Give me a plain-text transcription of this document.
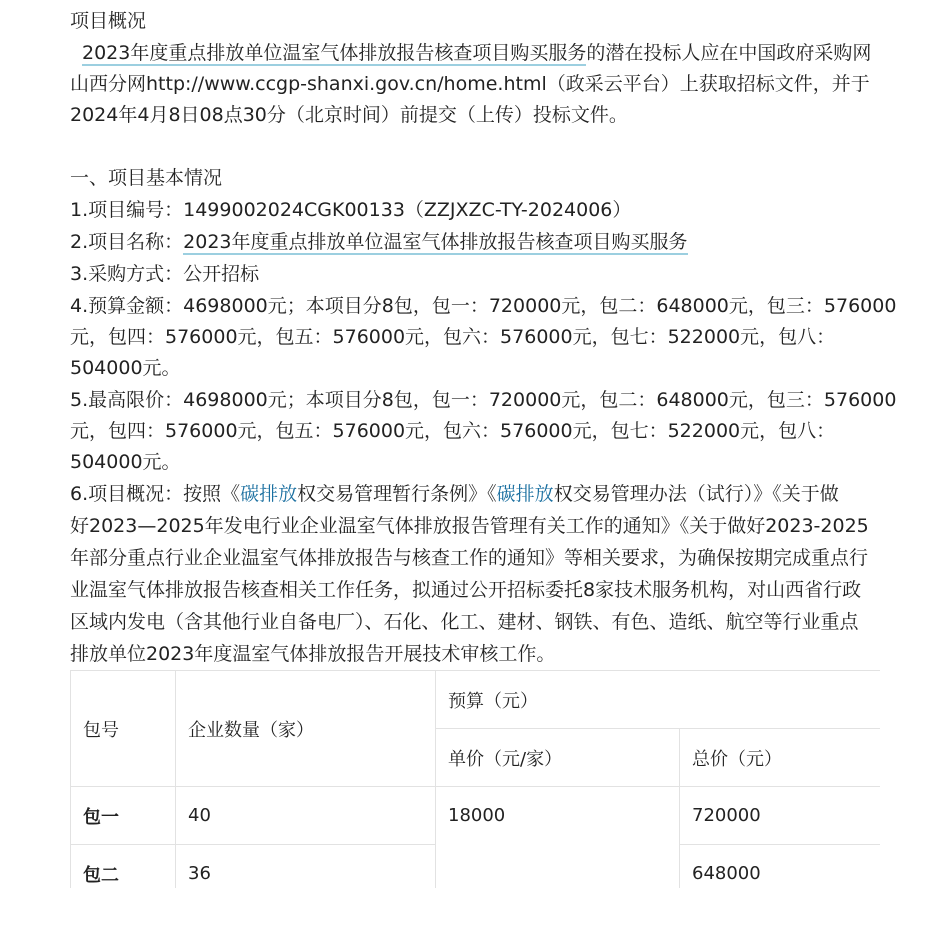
项目概况
2023年度重点排放单位温室气体排放报告核查项目购买服务的潜在投标人应在中国政府采购网
山西分网http://www.ccgp-shanxi.gov.cn/home.html（政采云平台）上获取招标文件，并于
2024年4月8日08点30分（北京时间）前提交（上传）投标文件。
一、项目基本情况
1.项目编号：1499002024CGK00133（ZZJXZC-TY-2024006）
2.项目名称：2023年度重点排放单位温室气体排放报告核查项目购买服务
3.采购方式：公开招标
4.预算金额：4698000元；本项目分8包，包一：720000元，包二：648000元，包三：576000
元，包四：576000元，包五：576000元，包六：576000元，包七：522000元，包八：
504000元。
5.最高限价：4698000元；本项目分8包，包一：720000元，包二：648000元，包三：576000
元，包四：576000元，包五：576000元，包六：576000元，包七：522000元，包八：
504000元。
6.项目概况：按照《碳排放权交易管理暂行条例》《碳排放权交易管理办法（试行）》《关于做
好2023—2025年发电行业企业温室气体排放报告管理有关工作的通知》《关于做好2023-2025
年部分重点行业企业温室气体排放报告与核查工作的通知》等相关要求，为确保按期完成重点行
业温室气体排放报告核查相关工作任务，拟通过公开招标委托8家技术服务机构，对山西省行政
区域内发电（含其他行业自备电厂）、石化、化工、建材、钢铁、有色、造纸、航空等行业重点
排放单位2023年度温室气体排放报告开展技术审核工作。
包号	企业数量（家）	预算（元）	
		单价（元/家）	总价（元）
包一	40	18000	720000
包二	36		648000
